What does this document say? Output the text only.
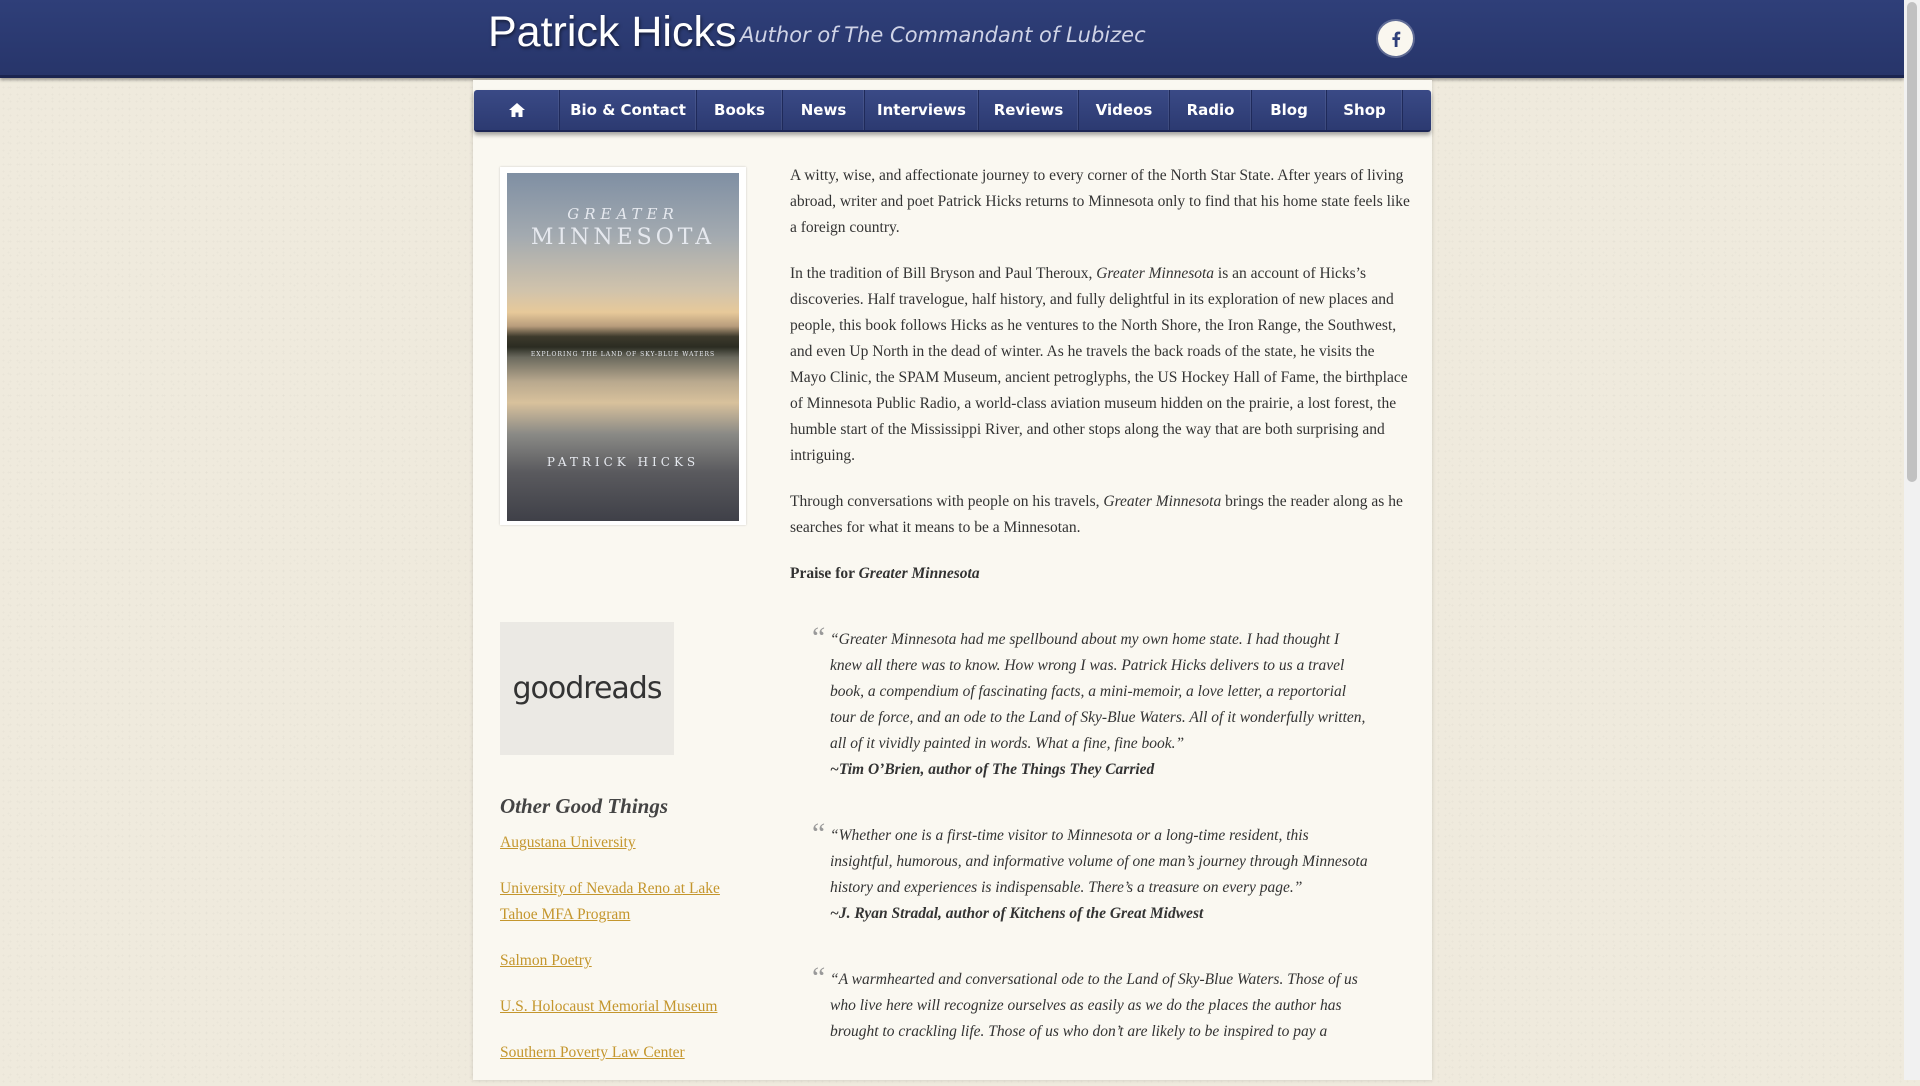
Patrick Hicks Author of The Commandant of Lubizec
Bio & Contact	Books	News	Interviews	Reviews	Videos	Radio	Blog	Shop
GREATER
MINNESOTA
EXPLORING THE LAND OF SKY-BLUE WATERS
PATRICK HICKS
goodreads
Other Good Things
Augustana University
University of Nevada Reno at Lake Tahoe MFA Program
Salmon Poetry
U.S. Holocaust Memorial Museum
Southern Poverty Law Center

A witty, wise, and affectionate journey to every corner of the North Star State. After years of living abroad, writer and poet Patrick Hicks returns to Minnesota only to find that his home state feels like a foreign country.

In the tradition of Bill Bryson and Paul Theroux, Greater Minnesota is an account of Hicks’s discoveries. Half travelogue, half history, and fully delightful in its exploration of new places and people, this book follows Hicks as he ventures to the North Shore, the Iron Range, the Southwest, and even Up North in the dead of winter. As he travels the back roads of the state, he visits the Mayo Clinic, the SPAM Museum, ancient petroglyphs, the US Hockey Hall of Fame, the birthplace of Minnesota Public Radio, a world-class aviation museum hidden on the prairie, a lost forest, the humble start of the Mississippi River, and other stops along the way that are both surprising and intriguing.

Through conversations with people on his travels, Greater Minnesota brings the reader along as he searches for what it means to be a Minnesotan.

Praise for Greater Minnesota

“ “Greater Minnesota had me spellbound about my own home state. I had thought I knew all there was to know. How wrong I was. Patrick Hicks delivers to us a travel book, a compendium of fascinating facts, a mini-memoir, a love letter, a reportorial tour de force, and an ode to the Land of Sky-Blue Waters. All of it wonderfully written, all of it vividly painted in words. What a fine, fine book.”
~Tim O’Brien, author of The Things They Carried
“ “Whether one is a first-time visitor to Minnesota or a long-time resident, this insightful, humorous, and informative volume of one man’s journey through Minnesota history and experiences is indispensable. There’s a treasure on every page.”
~J. Ryan Stradal, author of Kitchens of the Great Midwest
“ “A warmhearted and conversational ode to the Land of Sky-Blue Waters. Those of us who live here will recognize ourselves as easily as we do the places the author has brought to crackling life. Those of us who don’t are likely to be inspired to pay a
